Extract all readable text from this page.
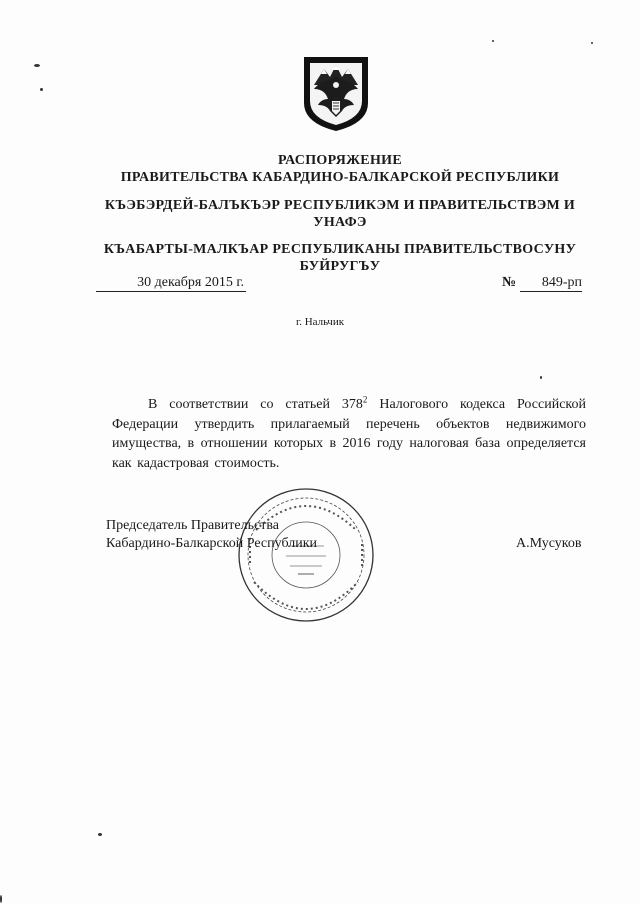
РАСПОРЯЖЕНИЕ
ПРАВИТЕЛЬСТВА КАБАРДИНО-БАЛКАРСКОЙ РЕСПУБЛИКИ
КЪЭБЭРДЕЙ-БАЛЪКЪЭР РЕСПУБЛИКЭМ И ПРАВИТЕЛЬСТВЭМ И
УНАФЭ
КЪАБАРТЫ-МАЛКЪАР РЕСПУБЛИКАНЫ ПРАВИТЕЛЬСТВОСУНУ
БУЙРУГЪУ
30 декабря 2015 г.	№	849-рп
г. Нальчик
В соответствии со статьей $378^2$ Налогового кодекса Российской Федерации утвердить прилагаемый перечень объектов недвижимого имущества, в отношении которых в 2016 году налоговая база определяется как кадастровая стоимость.
Председатель Правительства
Кабардино-Балкарской Республики	А.Мусуков
